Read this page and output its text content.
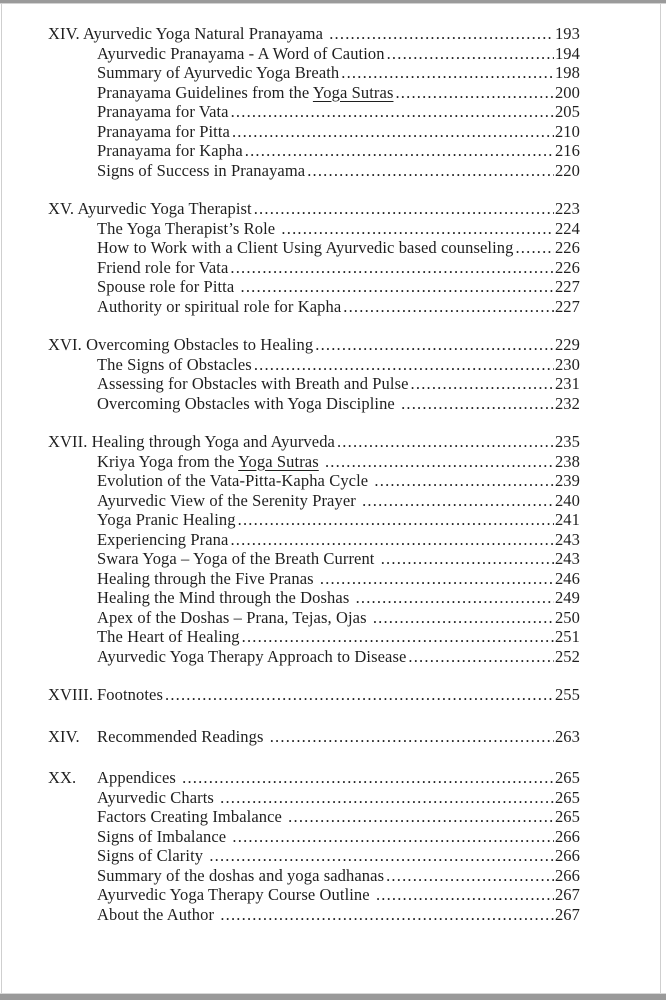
XIV. Ayurvedic Yoga Natural Pranayama .....	193
Ayurvedic Pranayama - A Word of Caution .....	194
Summary of Ayurvedic Yoga Breath .....	198
Pranayama Guidelines from the Yoga Sutras .....	200
Pranayama for Vata .....	205
Pranayama for Pitta .....	210
Pranayama for Kapha .....	216
Signs of Success in Pranayama .....	220
XV. Ayurvedic Yoga Therapist .....	223
The Yoga Therapist’s Role .....	224
How to Work with a Client Using Ayurvedic based counseling .....	226
Friend role for Vata .....	226
Spouse role for Pitta .....	227
Authority or spiritual role for Kapha .....	227
XVI. Overcoming Obstacles to Healing .....	229
The Signs of Obstacles .....	230
Assessing for Obstacles with Breath and Pulse .....	231
Overcoming Obstacles with Yoga Discipline .....	232
XVII. Healing through Yoga and Ayurveda .....	235
Kriya Yoga from the Yoga Sutras .....	238
Evolution of the Vata-Pitta-Kapha Cycle .....	239
Ayurvedic View of the Serenity Prayer .....	240
Yoga Pranic Healing .....	241
Experiencing Prana .....	243
Swara Yoga – Yoga of the Breath Current .....	243
Healing through the Five Pranas .....	246
Healing the Mind through the Doshas .....	249
Apex of the Doshas – Prana, Tejas, Ojas .....	250
The Heart of Healing .....	251
Ayurvedic Yoga Therapy Approach to Disease .....	252
XVIII. Footnotes .....	255
XIV.	Recommended Readings .....	263
XX.	Appendices .....	265
Ayurvedic Charts .....	265
Factors Creating Imbalance .....	265
Signs of Imbalance .....	266
Signs of Clarity .....	266
Summary of the doshas and yoga sadhanas .....	266
Ayurvedic Yoga Therapy Course Outline .....	267
About the Author .....	267
